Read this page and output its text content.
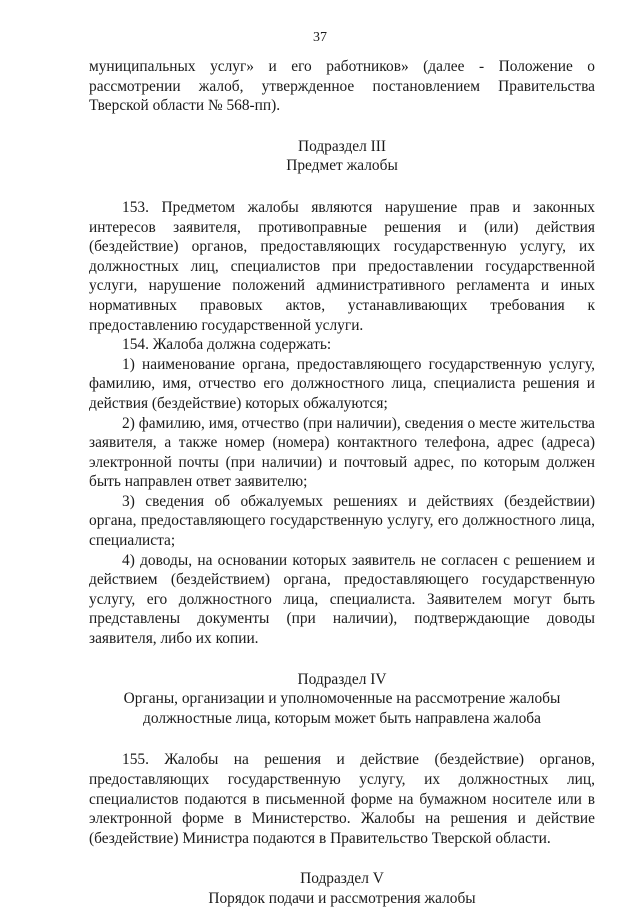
37

муниципальных услуг» и его работников» (далее - Положение о рассмотрении жалоб, утвержденное постановлением Правительства Тверской области № 568-пп).

Подраздел III

Предмет жалобы

153. Предметом жалобы являются нарушение прав и законных интересов заявителя, противоправные решения и (или) действия (бездействие) органов, предоставляющих государственную услугу, их должностных лиц, специалистов при предоставлении государственной услуги, нарушение положений административного регламента и иных нормативных правовых актов, устанавливающих требования к предоставлению государственной услуги.

154. Жалоба должна содержать:

1) наименование органа, предоставляющего государственную услугу, фамилию, имя, отчество его должностного лица, специалиста решения и действия (бездействие) которых обжалуются;

2) фамилию, имя, отчество (при наличии), сведения о месте жительства заявителя, а также номер (номера) контактного телефона, адрес (адреса) электронной почты (при наличии) и почтовый адрес, по которым должен быть направлен ответ заявителю;

3) сведения об обжалуемых решениях и действиях (бездействии) органа, предоставляющего государственную услугу, его должностного лица, специалиста;

4) доводы, на основании которых заявитель не согласен с решением и действием (бездействием) органа, предоставляющего государственную услугу, его должностного лица, специалиста. Заявителем могут быть представлены документы (при наличии), подтверждающие доводы заявителя, либо их копии.

Подраздел IV

Органы, организации и уполномоченные на рассмотрение жалобы

должностные лица, которым может быть направлена жалоба

155. Жалобы на решения и действие (бездействие) органов, предоставляющих государственную услугу, их должностных лиц, специалистов подаются в письменной форме на бумажном носителе или в электронной форме в Министерство. Жалобы на решения и действие (бездействие) Министра подаются в Правительство Тверской области.

Подраздел V

Порядок подачи и рассмотрения жалобы
